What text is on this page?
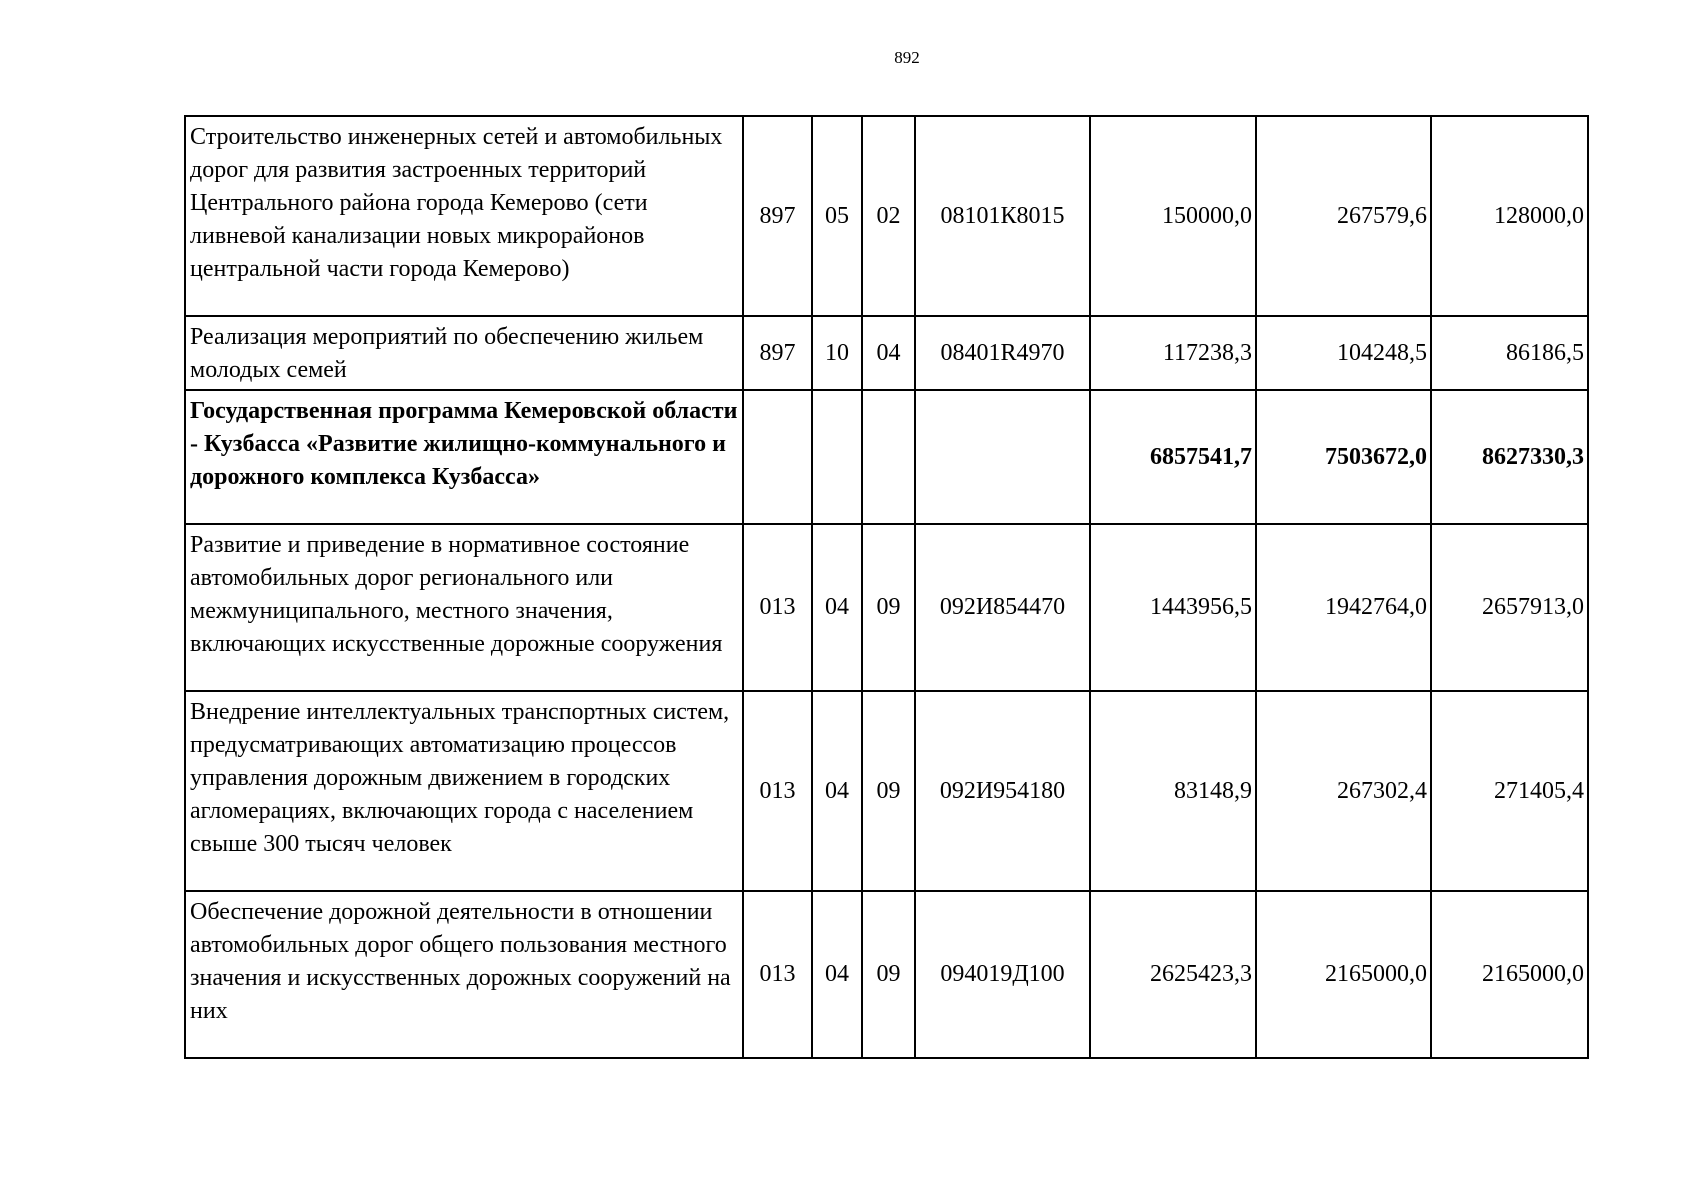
892
Строительство инженерных сетей и автомобильных дорог для развития застроенных территорий Центрального района города Кемерово (сети ливневой канализации новых микрорайонов центральной части города Кемерово)	897	05	02	08101К8015	150000,0	267579,6	128000,0
Реализация мероприятий по обеспечению жильем молодых семей	897	10	04	08401R4970	117238,3	104248,5	86186,5
Государственная программа Кемеровской области - Кузбасса «Развитие жилищно-коммунального и дорожного комплекса Кузбасса»					6857541,7	7503672,0	8627330,3
Развитие и приведение в нормативное состояние автомобильных дорог регионального или межмуниципального, местного значения, включающих искусственные дорожные сооружения	013	04	09	092И854470	1443956,5	1942764,0	2657913,0
Внедрение интеллектуальных транспортных систем, предусматривающих автоматизацию процессов управления дорожным движением в городских агломерациях, включающих города с населением свыше 300 тысяч человек	013	04	09	092И954180	83148,9	267302,4	271405,4
Обеспечение дорожной деятельности в отношении автомобильных дорог общего пользования местного значения и искусственных дорожных сооружений на них	013	04	09	094019Д100	2625423,3	2165000,0	2165000,0
